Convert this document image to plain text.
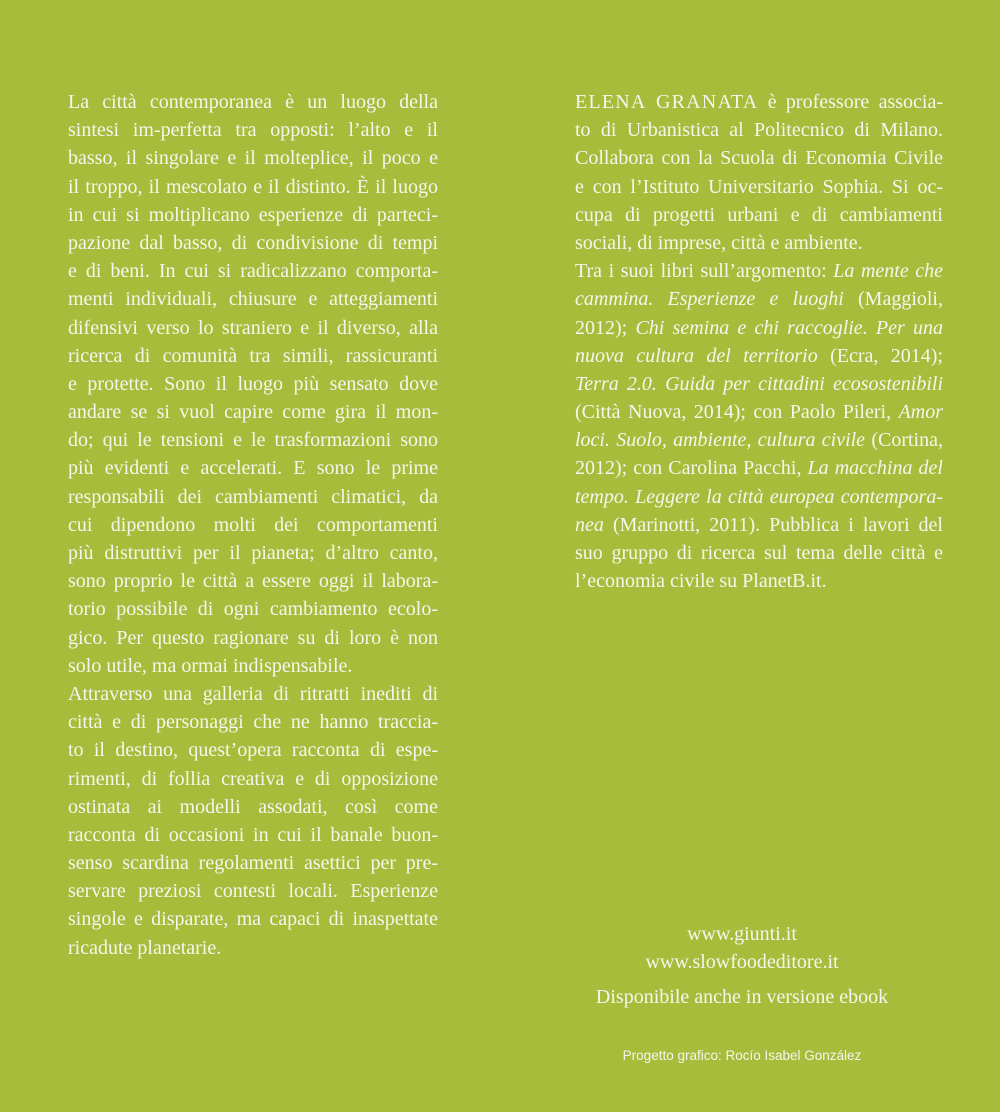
La città contemporanea è un luogo della
sintesi im-perfetta tra opposti: l’alto e il
basso, il singolare e il molteplice, il poco e
il troppo, il mescolato e il distinto. È il luogo
in cui si moltiplicano esperienze di parteci-
pazione dal basso, di condivisione di tempi
e di beni. In cui si radicalizzano comporta-
menti individuali, chiusure e atteggiamenti
difensivi verso lo straniero e il diverso, alla
ricerca di comunità tra simili, rassicuranti
e protette. Sono il luogo più sensato dove
andare se si vuol capire come gira il mon-
do; qui le tensioni e le trasformazioni sono
più evidenti e accelerati. E sono le prime
responsabili dei cambiamenti climatici, da
cui dipendono molti dei comportamenti
più distruttivi per il pianeta; d’altro canto,
sono proprio le città a essere oggi il labora-
torio possibile di ogni cambiamento ecolo-
gico. Per questo ragionare su di loro è non
solo utile, ma ormai indispensabile.
Attraverso una galleria di ritratti inediti di
città e di personaggi che ne hanno traccia-
to il destino, quest’opera racconta di espe-
rimenti, di follia creativa e di opposizione
ostinata ai modelli assodati, così come
racconta di occasioni in cui il banale buon-
senso scardina regolamenti asettici per pre-
servare preziosi contesti locali. Esperienze
singole e disparate, ma capaci di inaspettate
ricadute planetarie.
ELENA GRANATA è professore associa-
to di Urbanistica al Politecnico di Milano.
Collabora con la Scuola di Economia Civile
e con l’Istituto Universitario Sophia. Si oc-
cupa di progetti urbani e di cambiamenti
sociali, di imprese, città e ambiente.
Tra i suoi libri sull’argomento: La mente che
cammina. Esperienze e luoghi (Maggioli,
2012); Chi semina e chi raccoglie. Per una
nuova cultura del territorio (Ecra, 2014);
Terra 2.0. Guida per cittadini ecosostenibili
(Città Nuova, 2014); con Paolo Pileri, Amor
loci. Suolo, ambiente, cultura civile (Cortina,
2012); con Carolina Pacchi, La macchina del
tempo. Leggere la città europea contempora-
nea (Marinotti, 2011). Pubblica i lavori del
suo gruppo di ricerca sul tema delle città e
l’economia civile su PlanetB.it.
www.giunti.it
www.slowfoodeditore.it
Disponibile anche in versione ebook
Progetto grafico: Rocío Isabel González
